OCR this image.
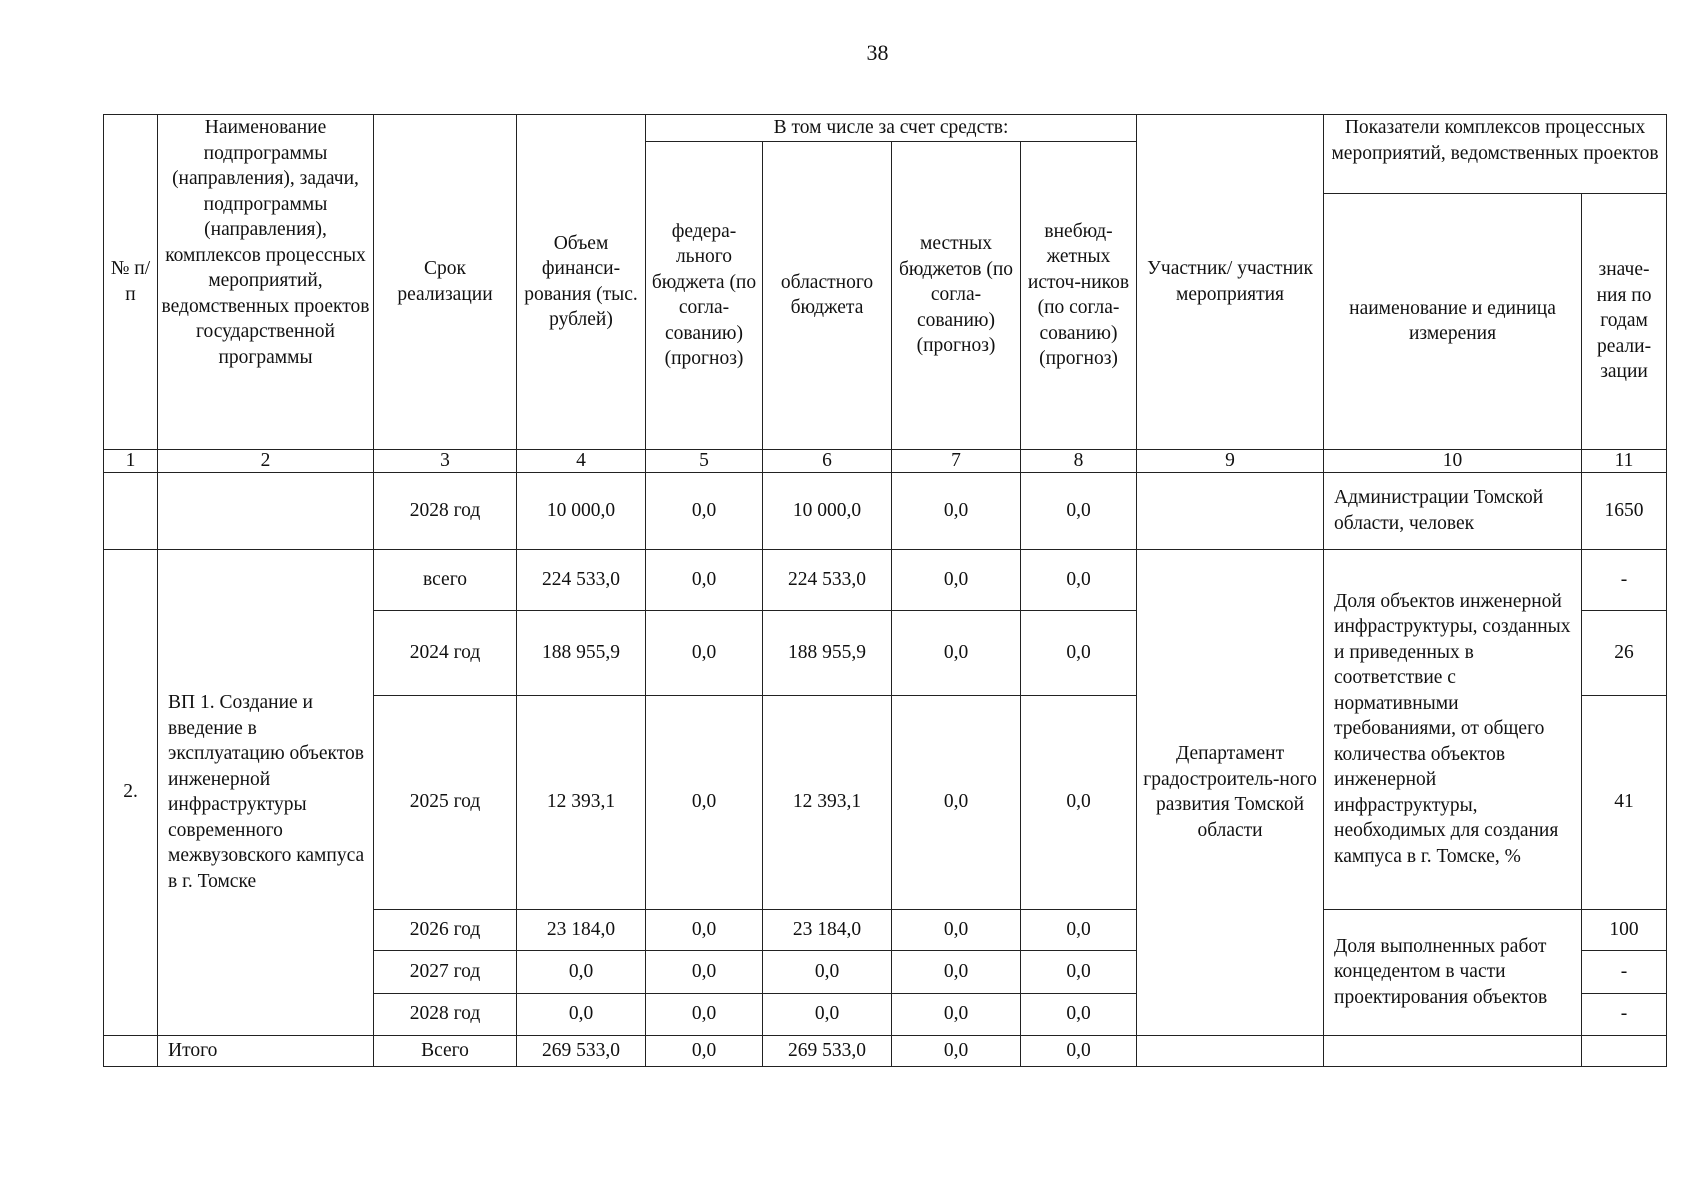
38
№ п/п	Наименование подпрограммы (направления), задачи, подпрограммы (направления), комплексов процессных мероприятий, ведомственных проектов государственной программы	Срок реализации	Объем финанси-рования (тыс. рублей)	В том числе за счет средств:				Участник/ участник мероприятия	Показатели комплексов процессных мероприятий, ведомственных проектов	
				федера-льного бюджета (по согла-сованию) (прогноз)	областного бюджета	местных бюджетов (по согла-сованию) (прогноз)	внебюд-жетных источ-ников (по согла-сованию) (прогноз)			
									наименование и единица измерения	значе-ния по годам реали-зации
1	2	3	4	5	6	7	8	9	10	11
		2028 год	10 000,0	0,0	10 000,0	0,0	0,0		Администрации Томской области, человек	1650
2.	ВП 1. Создание и введение в эксплуатацию объектов инженерной инфраструктуры современного межвузовского кампуса в г. Томске	всего	224 533,0	0,0	224 533,0	0,0	0,0	Департамент градостроитель-ного развития Томской области	Доля объектов инженерной инфраструктуры, созданных и приведенных в соответствие с нормативными требованиями, от общего количества объектов инженерной инфраструктуры, необходимых для создания кампуса в г. Томске, %	-
		2024 год	188 955,9	0,0	188 955,9	0,0	0,0			26
		2025 год	12 393,1	0,0	12 393,1	0,0	0,0			41
		2026 год	23 184,0	0,0	23 184,0	0,0	0,0		Доля выполненных работ концедентом в части проектирования объектов	100
		2027 год	0,0	0,0	0,0	0,0	0,0			-
		2028 год	0,0	0,0	0,0	0,0	0,0			-
	Итого	Всего	269 533,0	0,0	269 533,0	0,0	0,0			
